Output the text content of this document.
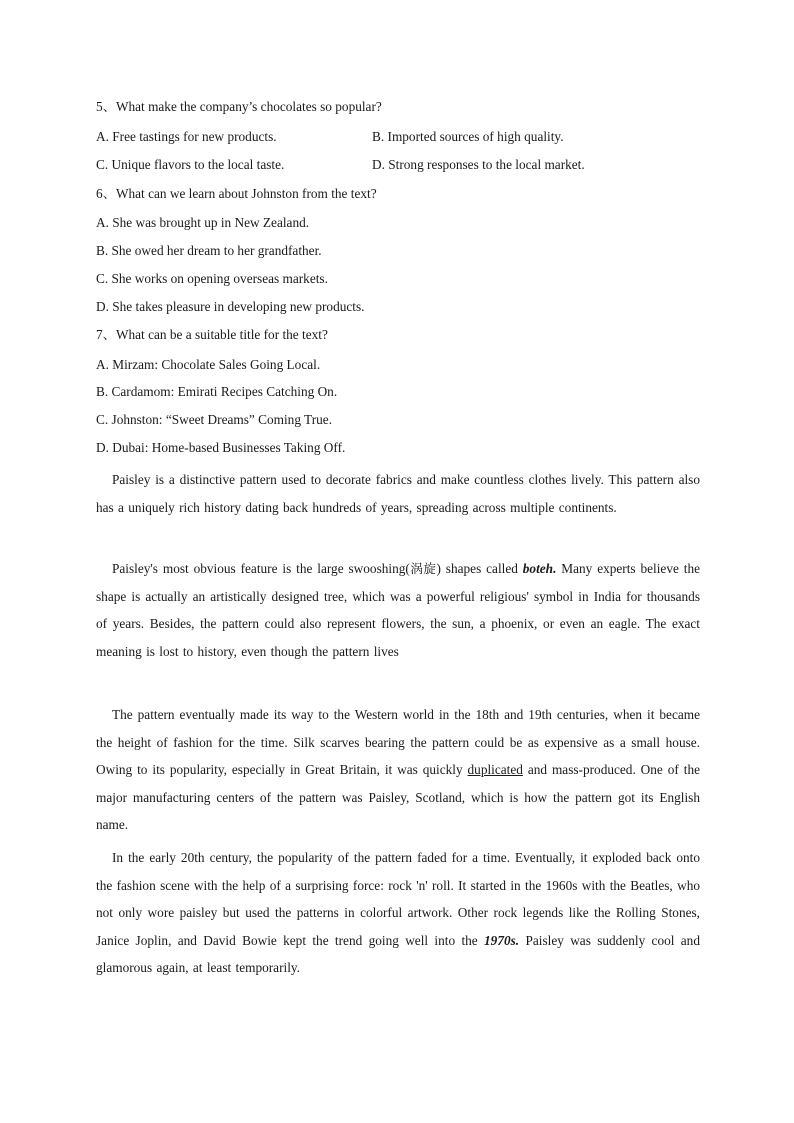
5、What make the company’s chocolates so popular?
A. Free tastings for new products.	B. Imported sources of high quality.
C. Unique flavors to the local taste.	D. Strong responses to the local market.
6、What can we learn about Johnston from the text?
A. She was brought up in New Zealand.
B. She owed her dream to her grandfather.
C. She works on opening overseas markets.
D. She takes pleasure in developing new products.
7、What can be a suitable title for the text?
A. Mirzam: Chocolate Sales Going Local.
B. Cardamom: Emirati Recipes Catching On.
C. Johnston: “Sweet Dreams” Coming True.
D. Dubai: Home-based Businesses Taking Off.
Paisley is a distinctive pattern used to decorate fabrics and make countless clothes lively. This pattern also has a uniquely rich history dating back hundreds of years, spreading across multiple continents.
Paisley's most obvious feature is the large swooshing(涡旋) shapes called boteh. Many experts believe the shape is actually an artistically designed tree, which was a powerful religious' symbol in India for thousands of years. Besides, the pattern could also represent flowers, the sun, a phoenix, or even an eagle. The exact meaning is lost to history, even though the pattern lives
The pattern eventually made its way to the Western world in the 18th and 19th centuries, when it became the height of fashion for the time. Silk scarves bearing the pattern could be as expensive as a small house. Owing to its popularity, especially in Great Britain, it was quickly duplicated and mass-produced. One of the major manufacturing centers of the pattern was Paisley, Scotland, which is how the pattern got its English name.
In the early 20th century, the popularity of the pattern faded for a time. Eventually, it exploded back onto the fashion scene with the help of a surprising force: rock 'n' roll. It started in the 1960s with the Beatles, who not only wore paisley but used the patterns in colorful artwork. Other rock legends like the Rolling Stones, Janice Joplin, and David Bowie kept the trend going well into the 1970s. Paisley was suddenly cool and glamorous again, at least temporarily.
